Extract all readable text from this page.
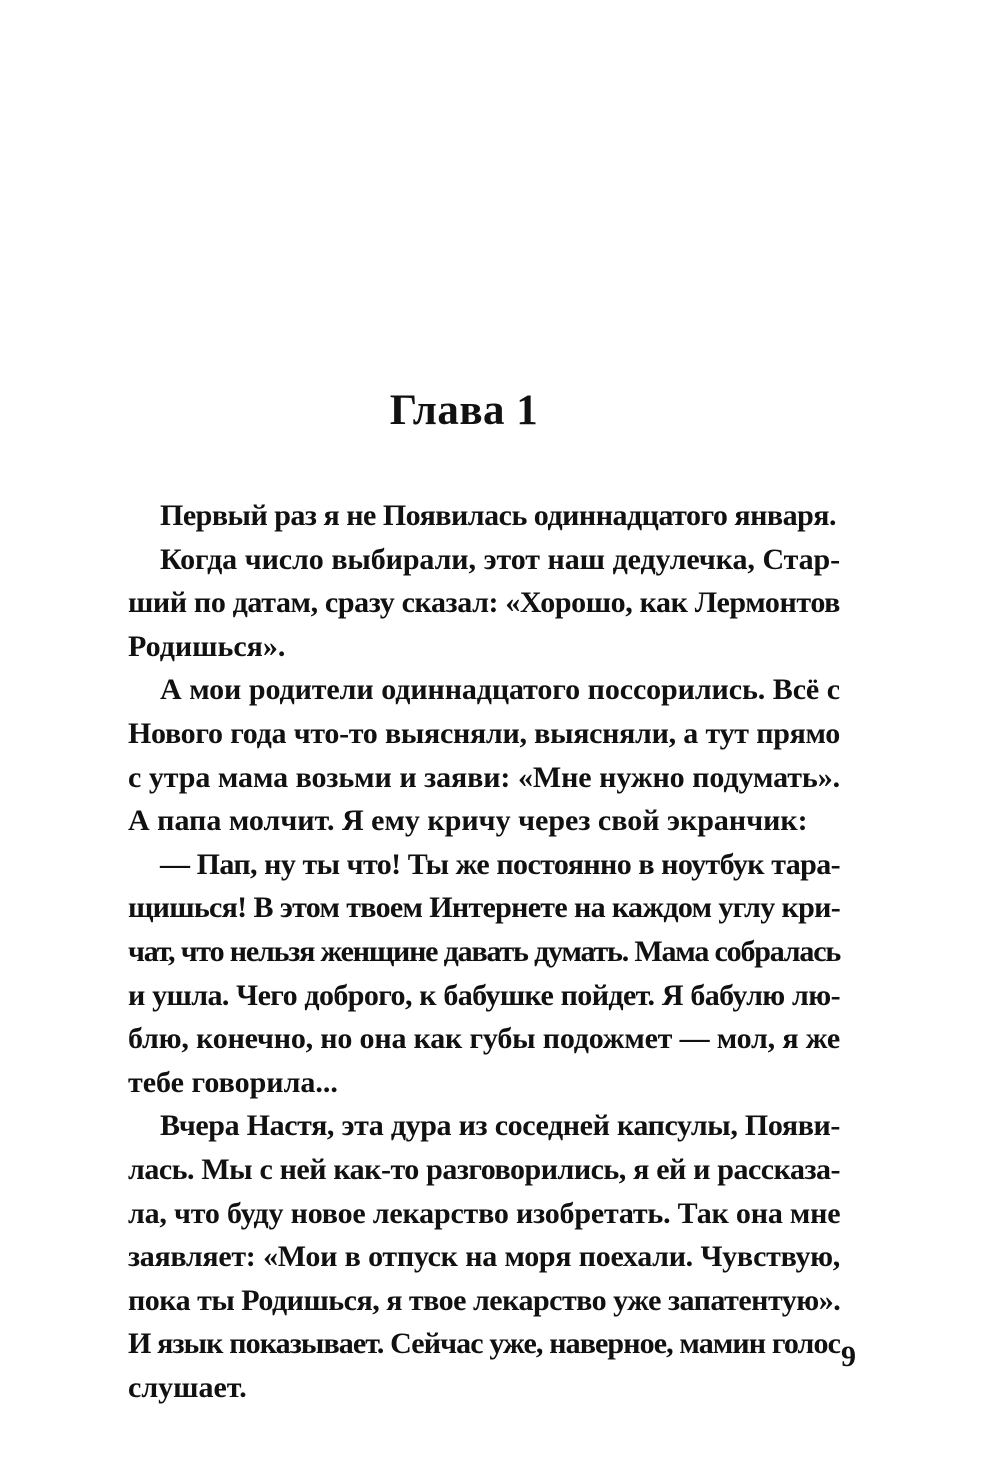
Глава 1
Первый раз я не Появилась одиннадцатого января.
Когда число выбирали, этот наш дедулечка, Стар-
ший по датам, сразу сказал: «Хорошо, как Лермонтов
Родишься».
А мои родители одиннадцатого поссорились. Всё с
Нового года что-то выясняли, выясняли, а тут прямо
с утра мама возьми и заяви: «Мне нужно подумать».
А папа молчит. Я ему кричу через свой экранчик:
— Пап, ну ты что! Ты же постоянно в ноутбук тара-
щишься! В этом твоем Интернете на каждом углу кри-
чат, что нельзя женщине давать думать. Мама собралась
и ушла. Чего доброго, к бабушке пойдет. Я бабулю лю-
блю, конечно, но она как губы подожмет — мол, я же
тебе говорила...
Вчера Настя, эта дура из соседней капсулы, Появи-
лась. Мы с ней как-то разговорились, я ей и рассказа-
ла, что буду новое лекарство изобретать. Так она мне
заявляет: «Мои в отпуск на моря поехали. Чувствую,
пока ты Родишься, я твое лекарство уже запатентую».
И язык показывает. Сейчас уже, наверное, мамин голос
слушает.
9
